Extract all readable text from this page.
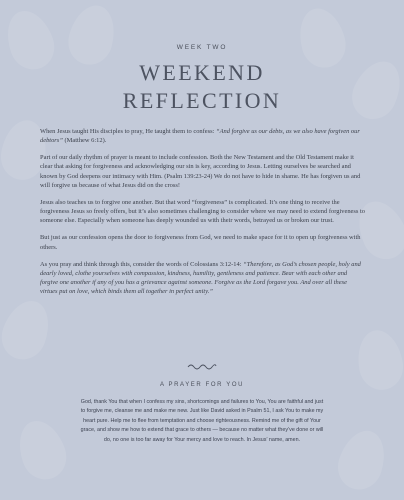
WEEK TWO
WEEKEND
REFLECTION

When Jesus taught His disciples to pray, He taught them to confess: “And forgive us our debts, as we also have forgiven our debtors” (Matthew 6:12).

Part of our daily rhythm of prayer is meant to include confession. Both the New Testament and the Old Testament make it clear that asking for forgiveness and acknowledging our sin is key, according to Jesus. Letting ourselves be searched and known by God deepens our intimacy with Him. (Psalm 139:23-24) We do not have to hide in shame. He has forgiven us and will forgive us because of what Jesus did on the cross!

Jesus also teaches us to forgive one another. But that word “forgiveness” is complicated. It’s one thing to receive the forgiveness Jesus so freely offers, but it’s also sometimes challenging to consider where we may need to extend forgiveness to someone else. Especially when someone has deeply wounded us with their words, betrayed us or broken our trust.

But just as our confession opens the door to forgiveness from God, we need to make space for it to open up forgiveness with others.

As you pray and think through this, consider the words of Colossians 3:12-14: “Therefore, as God’s chosen people, holy and dearly loved, clothe yourselves with compassion, kindness, humility, gentleness and patience. Bear with each other and forgive one another if any of you has a grievance against someone. Forgive as the Lord forgave you. And over all these virtues put on love, which binds them all together in perfect unity.”

A PRAYER FOR YOU
God, thank You that when I confess my sins, shortcomings and failures to You, You are faithful and just to forgive me, cleanse me and make me new. Just like David asked in Psalm 51, I ask You to make my heart pure. Help me to flee from temptation and choose righteousness. Remind me of the gift of Your grace, and show me how to extend that grace to others — because no matter what they’ve done or will do, no one is too far away for Your mercy and love to reach. In Jesus’ name, amen.
